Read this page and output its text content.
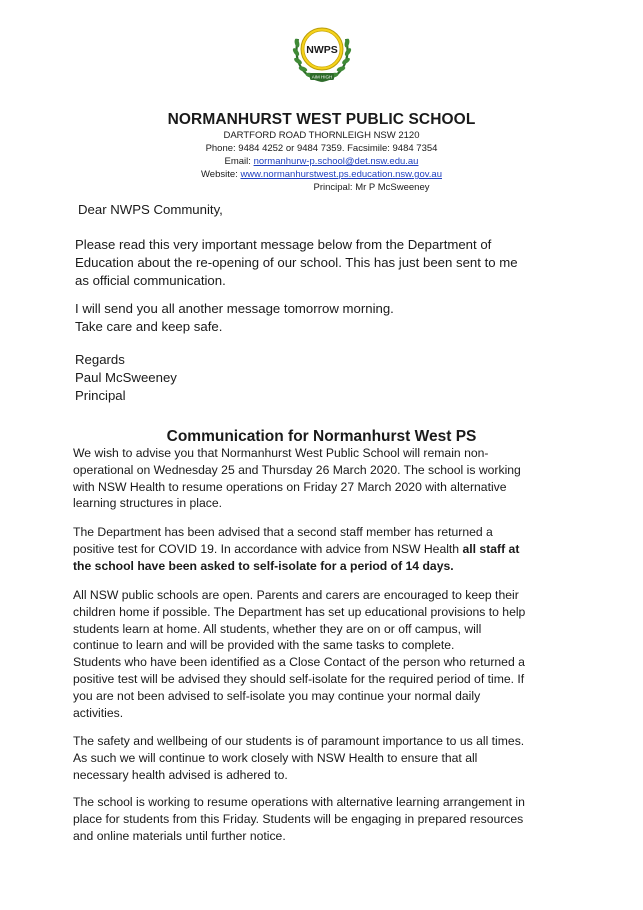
NWPS
AIM HIGH
NORMANHURST WEST PUBLIC SCHOOL
DARTFORD ROAD THORNLEIGH NSW 2120
Phone: 9484 4252 or 9484 7359. Facsimile: 9484 7354
Email: normanhurw-p.school@det.nsw.edu.au
Website: www.normanhurstwest.ps.education.nsw.gov.au
Principal: Mr P McSweeney
Dear NWPS Community,
Please read this very important message below from the Department of
Education about the re-opening of our school. This has just been sent to me
as official communication.
I will send you all another message tomorrow morning.
Take care and keep safe.
Regards
Paul McSweeney
Principal
Communication for Normanhurst West PS
We wish to advise you that Normanhurst West Public School will remain non-
operational on Wednesday 25 and Thursday 26 March 2020. The school is working
with NSW Health to resume operations on Friday 27 March 2020 with alternative
learning structures in place.
The Department has been advised that a second staff member has returned a
positive test for COVID 19. In accordance with advice from NSW Health all staff at
the school have been asked to self-isolate for a period of 14 days.
All NSW public schools are open. Parents and carers are encouraged to keep their
children home if possible. The Department has set up educational provisions to help
students learn at home. All students, whether they are on or off campus, will
continue to learn and will be provided with the same tasks to complete.
Students who have been identified as a Close Contact of the person who returned a
positive test will be advised they should self-isolate for the required period of time. If
you are not been advised to self-isolate you may continue your normal daily
activities.
The safety and wellbeing of our students is of paramount importance to us all times.
As such we will continue to work closely with NSW Health to ensure that all
necessary health advised is adhered to.
The school is working to resume operations with alternative learning arrangement in
place for students from this Friday. Students will be engaging in prepared resources
and online materials until further notice.
